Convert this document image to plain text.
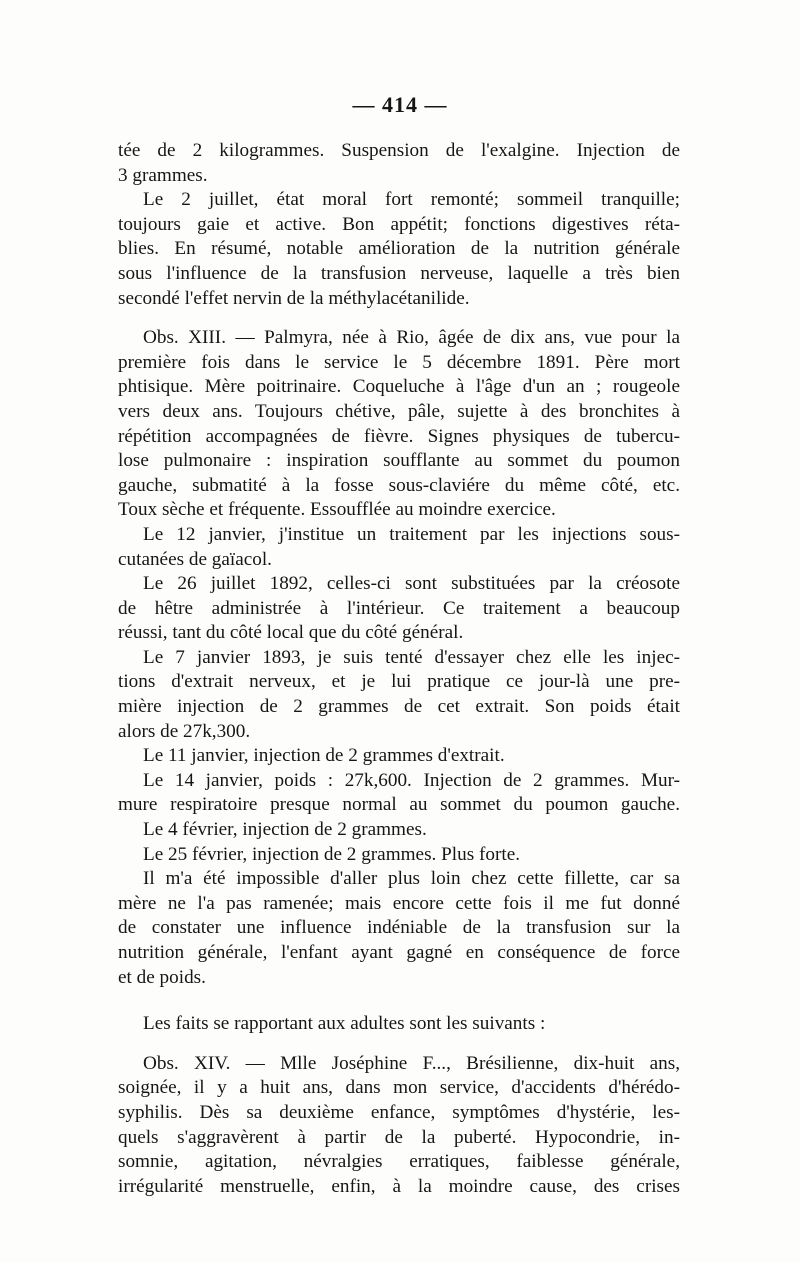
— 414 —
tée de 2 kilogrammes. Suspension de l'exalgine. Injection de
3 grammes.
Le 2 juillet, état moral fort remonté; sommeil tranquille;
toujours gaie et active. Bon appétit; fonctions digestives réta-
blies. En résumé, notable amélioration de la nutrition générale
sous l'influence de la transfusion nerveuse, laquelle a très bien
secondé l'effet nervin de la méthylacétanilide.
Obs. XIII. — Palmyra, née à Rio, âgée de dix ans, vue pour la
première fois dans le service le 5 décembre 1891. Père mort
phtisique. Mère poitrinaire. Coqueluche à l'âge d'un an ; rougeole
vers deux ans. Toujours chétive, pâle, sujette à des bronchites à
répétition accompagnées de fièvre. Signes physiques de tubercu-
lose pulmonaire : inspiration soufflante au sommet du poumon
gauche, submatité à la fosse sous-claviére du même côté, etc.
Toux sèche et fréquente. Essoufflée au moindre exercice.
Le 12 janvier, j'institue un traitement par les injections sous-
cutanées de gaïacol.
Le 26 juillet 1892, celles-ci sont substituées par la créosote
de hêtre administrée à l'intérieur. Ce traitement a beaucoup
réussi, tant du côté local que du côté général.
Le 7 janvier 1893, je suis tenté d'essayer chez elle les injec-
tions d'extrait nerveux, et je lui pratique ce jour-là une pre-
mière injection de 2 grammes de cet extrait. Son poids était
alors de 27k,300.
Le 11 janvier, injection de 2 grammes d'extrait.
Le 14 janvier, poids : 27k,600. Injection de 2 grammes. Mur-
mure respiratoire presque normal au sommet du poumon gauche.
Le 4 février, injection de 2 grammes.
Le 25 février, injection de 2 grammes. Plus forte.
Il m'a été impossible d'aller plus loin chez cette fillette, car sa
mère ne l'a pas ramenée; mais encore cette fois il me fut donné
de constater une influence indéniable de la transfusion sur la
nutrition générale, l'enfant ayant gagné en conséquence de force
et de poids.
Les faits se rapportant aux adultes sont les suivants :
Obs. XIV. — Mlle Joséphine F..., Brésilienne, dix-huit ans,
soignée, il y a huit ans, dans mon service, d'accidents d'hérédo-
syphilis. Dès sa deuxième enfance, symptômes d'hystérie, les-
quels s'aggravèrent à partir de la puberté. Hypocondrie, in-
somnie, agitation, névralgies erratiques, faiblesse générale,
irrégularité menstruelle, enfin, à la moindre cause, des crises
